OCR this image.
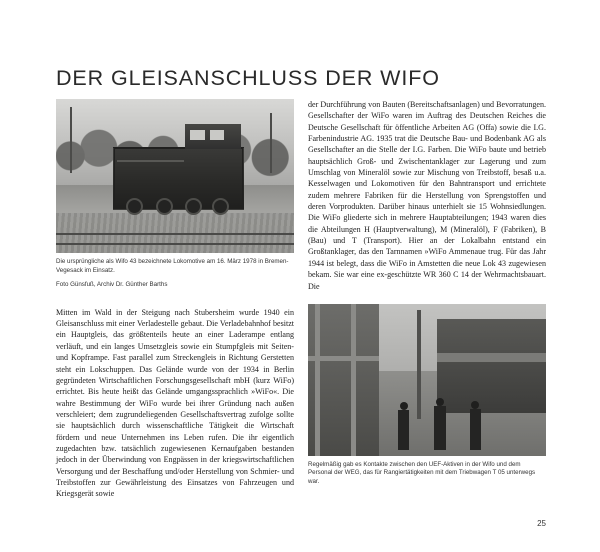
DER GLEISANSCHLUSS DER WIFO
Die ursprüngliche als Wifo 43 bezeichnete Lokomotive am 16. März 1978 in Bremen-Vegesack im Einsatz.
Foto Günsfuß, Archiv Dr. Günther Barths
Mitten im Wald in der Steigung nach Stubersheim wurde 1940 ein Gleisanschluss mit einer Verladestelle gebaut. Die Verladebahnhof besitzt ein Hauptgleis, das größtenteils heute an einer Laderampe entlang verläuft, und ein langes Umsetzgleis sowie ein Stumpfgleis mit Seiten- und Kopframpe. Fast parallel zum Streckengleis in Richtung Gerstetten steht ein Lokschuppen. Das Gelände wurde von der 1934 in Berlin gegründeten Wirtschaftlichen Forschungsgesellschaft mbH (kurz WiFo) errichtet. Bis heute heißt das Gelände umgangssprachlich »WiFo«. Die wahre Bestimmung der WiFo wurde bei ihrer Gründung nach außen verschleiert; dem zugrundeliegenden Gesellschaftsvertrag zufolge sollte sie hauptsächlich durch wissenschaftliche Tätigkeit die Wirtschaft fördern und neue Unternehmen ins Leben rufen. Die ihr eigentlich zugedachten bzw. tatsächlich zugewiesenen Kernaufgaben bestanden jedoch in der Überwindung von Engpässen in der kriegswirtschaftlichen Versorgung und der Beschaffung und/oder Herstellung von Schmier- und Treibstoffen zur Gewährleistung des Einsatzes von Fahrzeugen und Kriegsgerät sowie
der Durchführung von Bauten (Bereitschaftsanlagen) und Bevorratungen. Gesellschafter der WiFo waren im Auftrag des Deutschen Reiches die Deutsche Gesellschaft für öffentliche Arbeiten AG (Offa) sowie die I.G. Farbenindustrie AG. 1935 trat die Deutsche Bau- und Bodenbank AG als Gesellschafter an die Stelle der I.G. Farben. Die WiFo baute und betrieb hauptsächlich Groß- und Zwischentanklager zur Lagerung und zum Umschlag von Mineralöl sowie zur Mischung von Treibstoff, besaß u.a. Kesselwagen und Lokomotiven für den Bahntransport und errichtete zudem mehrere Fabriken für die Herstellung von Sprengstoffen und deren Vorprodukten. Darüber hinaus unterhielt sie 15 Wohnsiedlungen. Die WiFo gliederte sich in mehrere Hauptabteilungen; 1943 waren dies die Abteilungen H (Hauptverwaltung), M (Mineralöl), F (Fabriken), B (Bau) und T (Transport). Hier an der Lokalbahn entstand ein Großtanklager, das den Tarnnamen »WiFo Ammenauе trug. Für das Jahr 1944 ist belegt, dass die WiFo in Amstetten die neue Lok 43 zugewiesen bekam. Sie war eine ex-geschützte WR 360 C 14 der Wehrmachtsbauart. Die
Regelmäßig gab es Kontakte zwischen den UEF-Aktiven in der Wifo und dem Personal der WEG, das für Rangiertätigkeiten mit dem Triebwagen T 05 unterwegs war.
25
